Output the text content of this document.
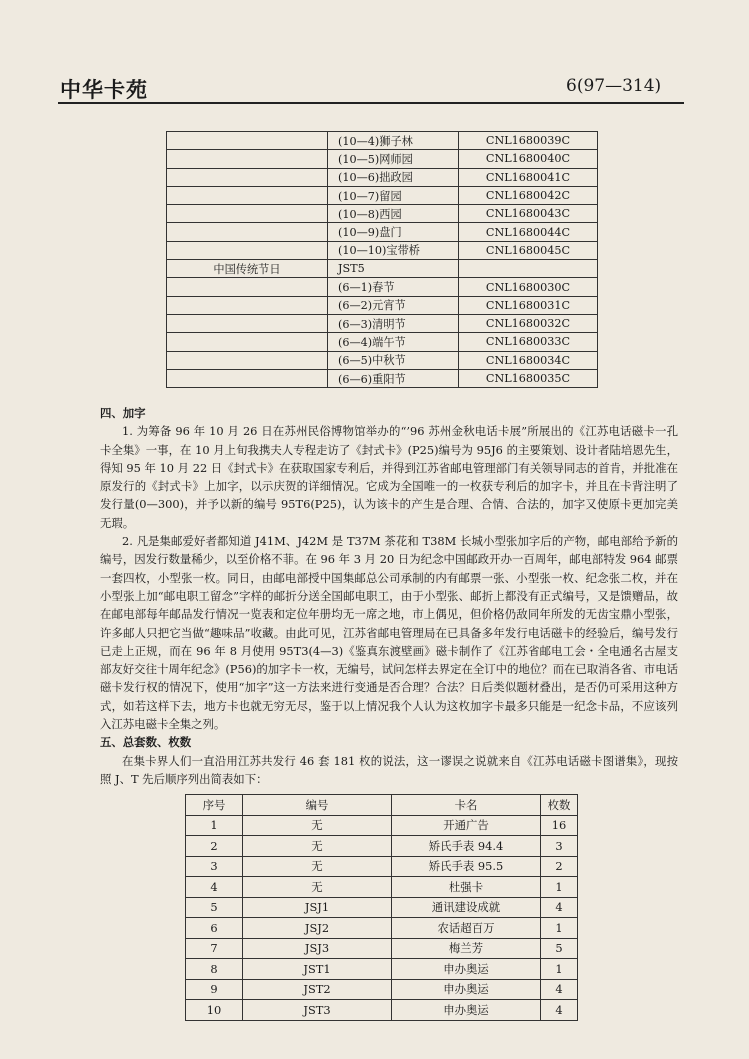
中华卡苑	6(97—314)
	(10—4)狮子林	CNL1680039C
	(10—5)网师园	CNL1680040C
	(10—6)拙政园	CNL1680041C
	(10—7)留园	CNL1680042C
	(10—8)西园	CNL1680043C
	(10—9)盘门	CNL1680044C
	(10—10)宝带桥	CNL1680045C
中国传统节日	JST5	
	(6—1)春节	CNL1680030C
	(6—2)元宵节	CNL1680031C
	(6—3)清明节	CNL1680032C
	(6—4)端午节	CNL1680033C
	(6—5)中秋节	CNL1680034C
	(6—6)重阳节	CNL1680035C

四、加字

1. 为筹备 96 年 10 月 26 日在苏州民俗博物馆举办的“’96 苏州金秋电话卡展”所展出的《江苏电话磁卡一孔卡全集》一事，在 10 月上旬我携夫人专程走访了《封式卡》(P25)编号为 95J6 的主要策划、设计者陆培恩先生，得知 95 年 10 月 22 日《封式卡》在获取国家专利后，并得到江苏省邮电管理部门有关领导同志的首肯，并批准在原发行的《封式卡》上加字，以示庆贺的详细情况。它成为全国唯一的一枚获专利后的加字卡，并且在卡背注明了发行量(0—300)，并予以新的编号 95T6(P25)，认为该卡的产生是合理、合情、合法的，加字又使原卡更加完美无瑕。

2. 凡是集邮爱好者都知道 J41M、J42M 是 T37M 茶花和 T38M 长城小型张加字后的产物，邮电部给予新的编号，因发行数量稀少，以至价格不菲。在 96 年 3 月 20 日为纪念中国邮政开办一百周年，邮电部特发 964 邮票一套四枚，小型张一枚。同日，由邮电部授中国集邮总公司承制的内有邮票一张、小型张一枚、纪念张二枚，并在小型张上加“邮电职工留念”字样的邮折分送全国邮电职工，由于小型张、邮折上都没有正式编号，又是馈赠品，故在邮电部每年邮品发行情况一览表和定位年册均无一席之地，市上偶见，但价格仍敌同年所发的无齿宝鼎小型张，许多邮人只把它当做“趣味品”收藏。由此可见，江苏省邮电管理局在已具备多年发行电话磁卡的经验后，编号发行已走上正规，而在 96 年 8 月使用 95T3(4—3)《鉴真东渡壁画》磁卡制作了《江苏省邮电工会・全电通名古屋支部友好交往十周年纪念》(P56)的加字卡一枚，无编号，试问怎样去界定在全订中的地位？而在已取消各省、市电话磁卡发行权的情况下，使用“加字”这一方法来进行变通是否合理？合法？日后类似题材叠出，是否仍可采用这种方式，如若这样下去，地方卡也就无穷无尽，鉴于以上情况我个人认为这枚加字卡最多只能是一纪念卡品，不应该列入江苏电磁卡全集之列。

五、总套数、枚数

在集卡界人们一直沿用江苏共发行 46 套 181 枚的说法，这一谬误之说就来自《江苏电话磁卡图谱集》，现按照 J、T 先后顺序列出简表如下：

序号	编号	卡名	枚数
1	无	开通广告	16
2	无	矫氏手表 94.4	3
3	无	矫氏手表 95.5	2
4	无	杜强卡	1
5	JSJ1	通讯建设成就	4
6	JSJ2	农话超百万	1
7	JSJ3	梅兰芳	5
8	JST1	申办奥运	1
9	JST2	申办奥运	4
10	JST3	申办奥运	4
